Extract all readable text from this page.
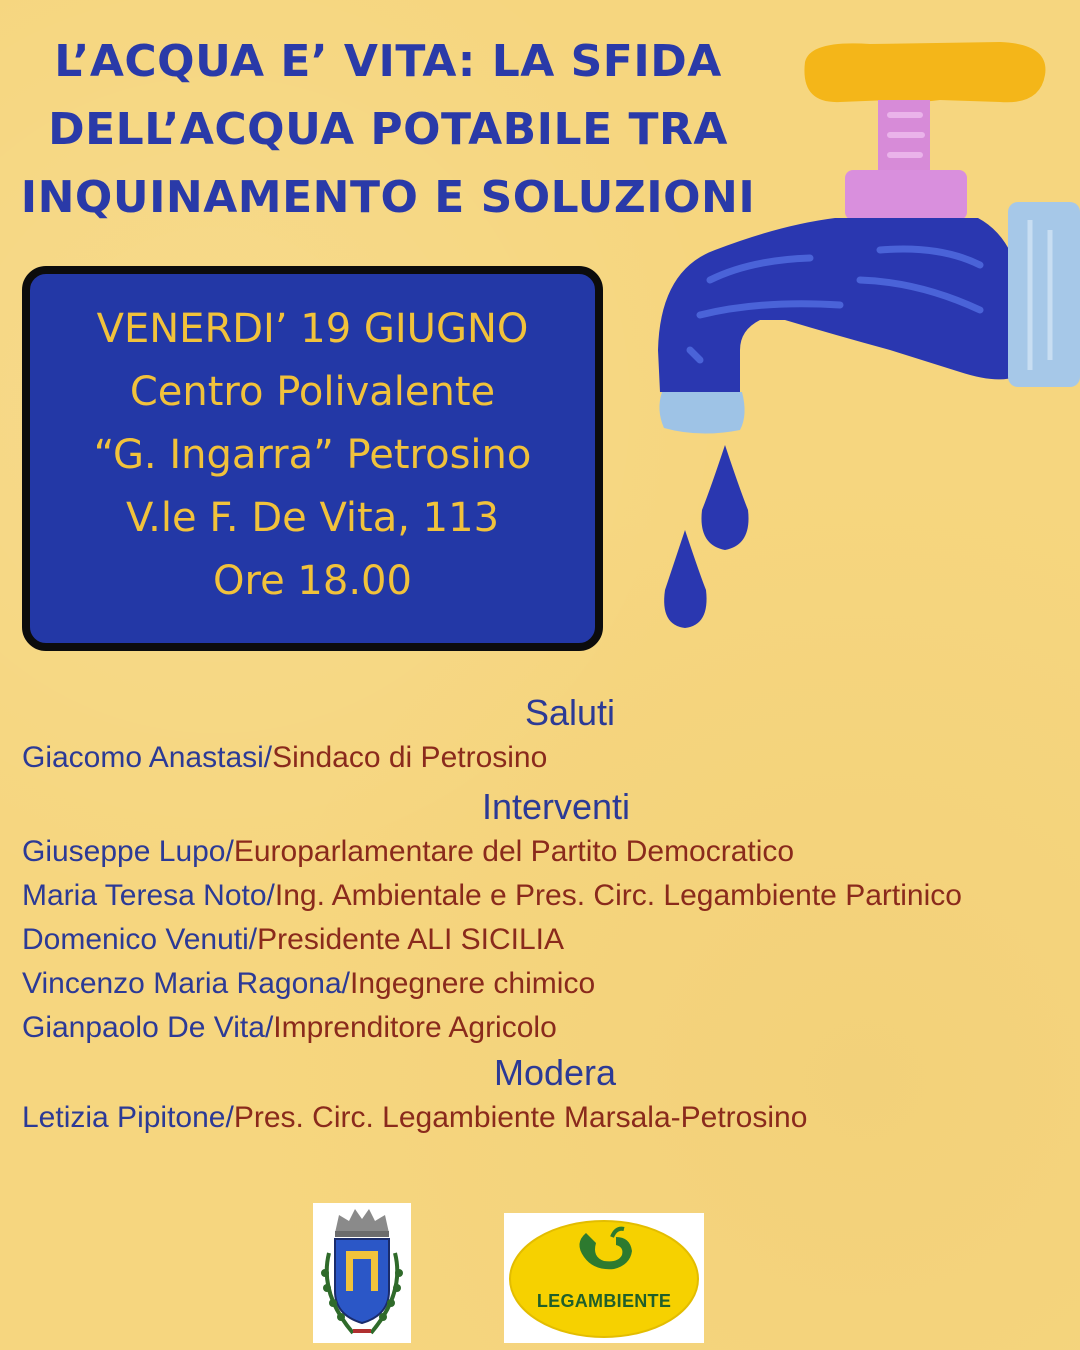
L’ACQUA E’ VITA: LA SFIDA
DELL’ACQUA POTABILE TRA
INQUINAMENTO E SOLUZIONI
VENERDI’ 19 GIUGNO
Centro Polivalente
“G. Ingarra” Petrosino
V.le F. De Vita, 113
Ore 18.00
Saluti
Giacomo Anastasi/Sindaco di Petrosino
Interventi
Giuseppe Lupo/Europarlamentare del Partito Democratico
Maria Teresa Noto/Ing. Ambientale e Pres. Circ. Legambiente Partinico
Domenico Venuti/Presidente ALI SICILIA
Vincenzo Maria Ragona/Ingegnere chimico
Gianpaolo De Vita/Imprenditore Agricolo
Modera
Letizia Pipitone/Pres. Circ. Legambiente Marsala-Petrosino
LEGAMBIENTE
